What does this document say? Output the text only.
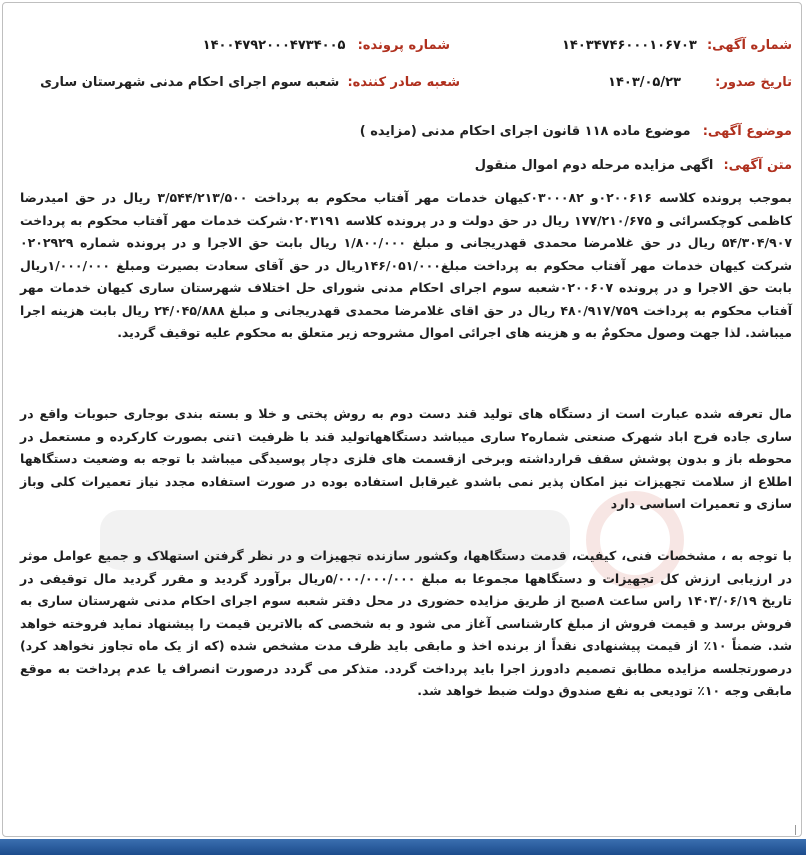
شماره آگهی: ۱۴۰۳۴۷۴۶۰۰۰۱۰۶۷۰۳
شماره پرونده: ۱۴۰۰۴۷۹۲۰۰۰۴۷۳۴۰۰۵
تاریخ صدور: ۱۴۰۳/۰۵/۲۳
شعبه صادر کننده: شعبه سوم اجرای احکام مدنی شهرستان ساری
موضوع آگهی: موضوع ماده ۱۱۸ قانون اجرای احکام مدنی (مزایده )
متن آگهی: اگهی مزایده مرحله دوم اموال منقول
بموجب پرونده کلاسه ۰۲۰۰۶۱۶و ۰۳۰۰۰۸۲کیهان خدمات مهر آفتاب محکوم به پرداخت ۳/۵۴۴/۲۱۳/۵۰۰ ریال در حق امیدرضا کاظمی کوچکسرائی و ۱۷۷/۲۱۰/۶۷۵ ریال در حق دولت و در پرونده کلاسه ۰۲۰۳۱۹۱شرکت خدمات مهر آفتاب محکوم به پرداخت ۵۴/۳۰۴/۹۰۷ ریال در حق غلامرضا محمدی قهدریجانی و مبلغ ۱/۸۰۰/۰۰۰ ریال بابت حق الاجرا و در پرونده شماره ۰۲۰۲۹۲۹ شرکت کیهان خدمات مهر آفتاب محکوم به پرداخت مبلغ۱۴۶/۰۵۱/۰۰۰ریال در حق آقای سعادت بصیرت ومبلغ ۱/۰۰۰/۰۰۰ریال بابت حق الاجرا و در پرونده ۰۲۰۰۶۰۷شعبه سوم اجرای احکام مدنی شورای حل اختلاف شهرستان ساری کیهان خدمات مهر آفتاب محکوم به پرداخت ۴۸۰/۹۱۷/۷۵۹ ریال در حق اقای غلامرضا محمدی قهدریجانی و مبلغ ۲۴/۰۴۵/۸۸۸ ریال بابت هزینه اجرا میباشد. لذا جهت وصول محکومٌ به و هزینه های اجرائی اموال مشروحه زیر متعلق به محکوم علیه توقیف گردید.
مال تعرفه شده عبارت است از دستگاه های تولید قند دست دوم به روش پختی و خلا و بسته بندی بوجاری حبوبات واقع در ساری جاده فرح اباد شهرک صنعتی شماره۲ ساری میباشد دستگاهها‌تولید قند با ظرفیت ۱تنی بصورت کارکرده و مستعمل در محوطه باز و بدون پوشش سقف قرارداشته وبرخی ازقسمت های فلزی دچار پوسیدگی میباشد با توجه به وضعیت دستگاهها اطلاع از سلامت تجهیزات نیز امکان پذیر نمی باشدو غیرقابل استفاده بوده در صورت استفاده مجدد نیاز تعمیرات کلی وباز سازی و تعمیرات اساسی دارد
با توجه به ، مشخصات فنی، کیفیت، قدمت دستگاهها، وکشور سازنده تجهیزات و در نظر گرفتن استهلاک و جمیع عوامل موثر در ارزیابی ارزش کل تجهیزات و دستگاهها مجموعا به مبلغ ۵/۰۰۰/۰۰۰/۰۰۰ریال برآورد گردید و مقرر گردید مال توقیفی در تاریخ ۱۴۰۳/۰۶/۱۹ راس ساعت ۸صبح از طریق مزایده حضوری در محل دفتر شعبه سوم اجرای احکام مدنی شهرستان ساری به فروش برسد و قیمت فروش از مبلغ کارشناسی آغاز می شود و به شخصی که بالاترین قیمت را پیشنهاد نماید فروخته خواهد شد. ضمناً ۱۰٪ از قیمت پیشنهادی نقداً از برنده اخذ و مابقی باید ظرف مدت مشخص شده (که از یک ماه تجاوز نخواهد کرد) درصورتجلسه مزایده مطابق تصمیم دادورز اجرا باید پرداخت گردد. متذکر می گردد درصورت انصراف یا عدم پرداخت به موقع مابقی وجه ۱۰٪ تودیعی به نفع صندوق دولت ضبط خواهد شد.
